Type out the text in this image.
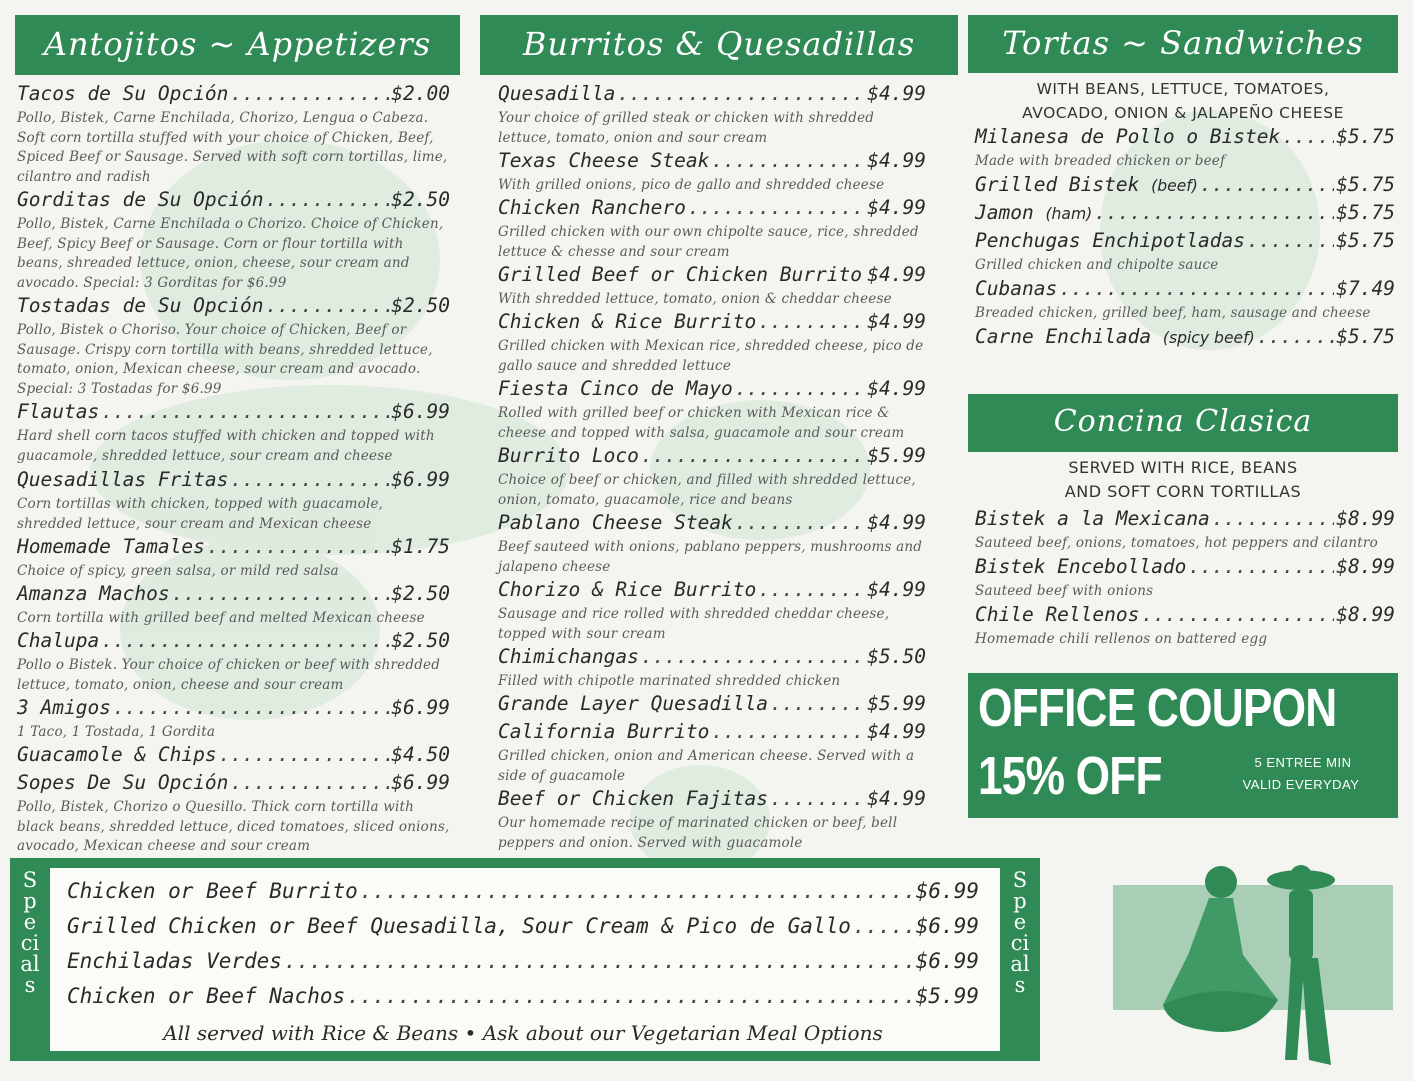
Antojitos ~ Appetizers
Tacos de Su Opción .....	$2.00
Pollo, Bistek, Carne Enchilada, Chorizo, Lengua o Cabeza. Soft corn tortilla stuffed with your choice of Chicken, Beef, Spiced Beef or Sausage. Served with soft corn tortillas, lime, cilantro and radish
Gorditas de Su Opción .....	$2.50
Pollo, Bistek, Carne Enchilada o Chorizo. Choice of Chicken, Beef, Spicy Beef or Sausage. Corn or flour tortilla with beans, shreaded lettuce, onion, cheese, sour cream and avocado. Special: 3 Gorditas for $6.99
Tostadas de Su Opción .....	$2.50
Pollo, Bistek o Choriso. Your choice of Chicken, Beef or Sausage. Crispy corn tortilla with beans, shredded lettuce, tomato, onion, Mexican cheese, sour cream and avocado. Special: 3 Tostadas for $6.99
Flautas .....	$6.99
Hard shell corn tacos stuffed with chicken and topped with guacamole, shredded lettuce, sour cream and cheese
Quesadillas Fritas .....	$6.99
Corn tortillas with chicken, topped with guacamole, shredded lettuce, sour cream and Mexican cheese
Homemade Tamales .....	$1.75
Choice of spicy, green salsa, or mild red salsa
Amanza Machos .....	$2.50
Corn tortilla with grilled beef and melted Mexican cheese
Chalupa .....	$2.50
Pollo o Bistek. Your choice of chicken or beef with shredded lettuce, tomato, onion, cheese and sour cream
3 Amigos .....	$6.99
1 Taco, 1 Tostada, 1 Gordita
Guacamole & Chips .....	$4.50
Sopes De Su Opción .....	$6.99
Pollo, Bistek, Chorizo o Quesillo. Thick corn tortilla with black beans, shredded lettuce, diced tomatoes, sliced onions, avocado, Mexican cheese and sour cream
Burritos & Quesadillas
Quesadilla .....	$4.99
Your choice of grilled steak or chicken with shredded lettuce, tomato, onion and sour cream
Texas Cheese Steak .....	$4.99
With grilled onions, pico de gallo and shredded cheese
Chicken Ranchero .....	$4.99
Grilled chicken with our own chipolte sauce, rice, shredded lettuce & chesse and sour cream
Grilled Beef or Chicken Burrito ..... $4.99
With shredded lettuce, tomato, onion & cheddar cheese
Chicken & Rice Burrito .....	$4.99
Grilled chicken with Mexican rice, shredded cheese, pico de gallo sauce and shredded lettuce
Fiesta Cinco de Mayo .....	$4.99
Rolled with grilled beef or chicken with Mexican rice & cheese and topped with salsa, guacamole and sour cream
Burrito Loco .....	$5.99
Choice of beef or chicken, and filled with shredded lettuce, onion, tomato, guacamole, rice and beans
Pablano Cheese Steak .....	$4.99
Beef sauteed with onions, pablano peppers, mushrooms and jalapeno cheese
Chorizo & Rice Burrito .....	$4.99
Sausage and rice rolled with shredded cheddar cheese, topped with sour cream
Chimichangas .....	$5.50
Filled with chipotle marinated shredded chicken
Grande Layer Quesadilla .....	$5.99
California Burrito .....	$4.99
Grilled chicken, onion and American cheese. Served with a side of guacamole
Beef or Chicken Fajitas .....	$4.99
Our homemade recipe of marinated chicken or beef, bell peppers and onion. Served with guacamole
Tortas ~ Sandwiches
WITH BEANS, LETTUCE, TOMATOES,
AVOCADO, ONION & JALAPEÑO CHEESE
Milanesa de Pollo o Bistek .....	$5.75
Made with breaded chicken or beef
Grilled Bistek (beef) .....	$5.75
Jamon (ham) .....	$5.75
Penchugas Enchipotladas .....	$5.75
Grilled chicken and chipolte sauce
Cubanas .....	$7.49
Breaded chicken, grilled beef, ham, sausage and cheese
Carne Enchilada (spicy beef) .....	$5.75
Concina Clasica
SERVED WITH RICE, BEANS
AND SOFT CORN TORTILLAS
Bistek a la Mexicana .....	$8.99
Sauteed beef, onions, tomatoes, hot peppers and cilantro
Bistek Encebollado .....	$8.99
Sauteed beef with onions
Chile Rellenos .....	$8.99
Homemade chili rellenos on battered egg
OFFICE COUPON
15% OFF	5 ENTREE MIN
VALID EVERYDAY
Specials
Specials
Chicken or Beef Burrito .....	$6.99
Grilled Chicken or Beef Quesadilla, Sour Cream & Pico de Gallo .....	$6.99
Enchiladas Verdes .....	$6.99
Chicken or Beef Nachos .....	$5.99
All served with Rice & Beans • Ask about our Vegetarian Meal Options
